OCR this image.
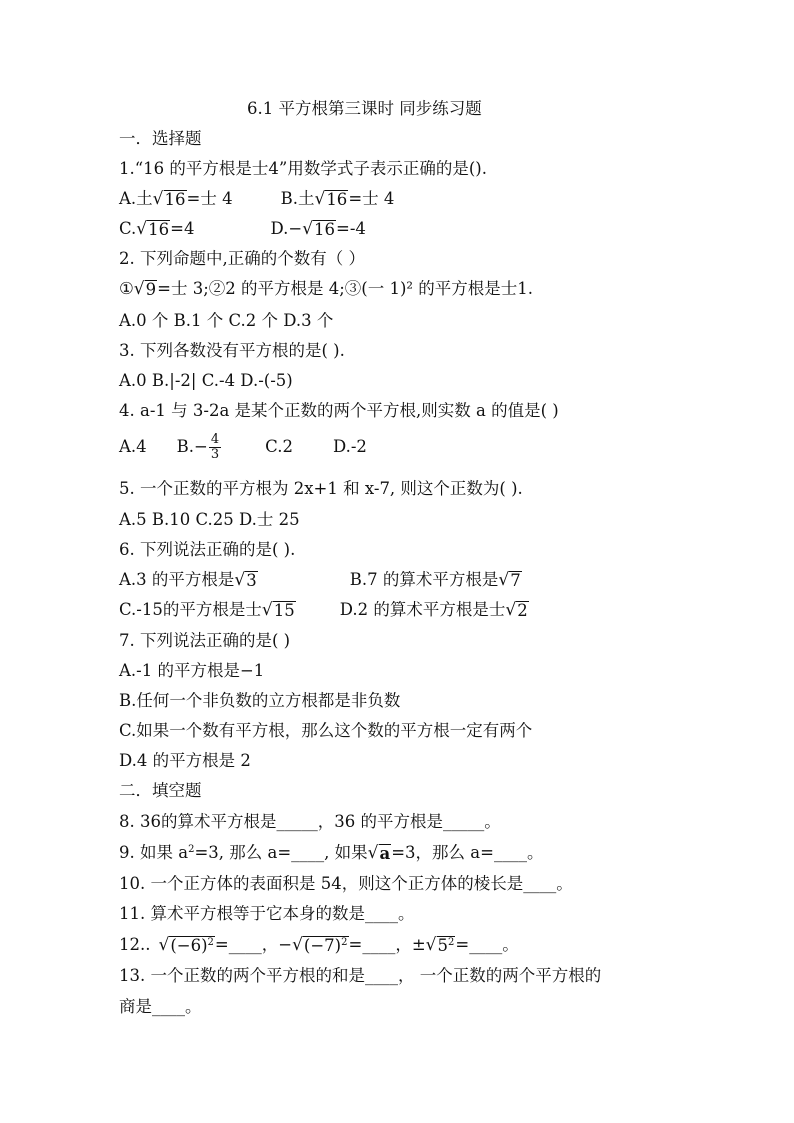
6.1 平方根第三课时 同步练习题
一．选择题
1.“16 的平方根是士4”用数学式子表示正确的是().
A.土 √ 16 =士 4	B.土 √ 16 =士 4
C. √ 16 =4	D.− √ 16 =-4
2. 下列命题中,正确的个数有（ ）
① √ 9 =士 3;②2 的平方根是 4;③(一 1)² 的平方根是士1.
A.0 个 B.1 个 C.2 个 D.3 个
3. 下列各数没有平方根的是( ).
A.0 B.|-2| C.-4 D.-(-5)
4. a-1 与 3-2a 是某个正数的两个平方根,则实数 a 的值是( )
A.4 $B.- \frac{4}{3}$	C.2 D.-2
5. 一个正数的平方根为 2x+1 和 x-7, 则这个正数为( ).
A.5 B.10 C.25 D.士 25
6. 下列说法正确的是( ).
A.3 的平方根是 √ 3	B.7 的算术平方根是 √ 7
C.-15的平方根是士 √ 15	D.2 的算术平方根是士 √ 2
7. 下列说法正确的是( )
A.-1 的平方根是−1
B.任何一个非负数的立方根都是非负数
C.如果一个数有平方根，那么这个数的平方根一定有两个
D.4 的平方根是 2
二．填空题
8. 36的算术平方根是_____，36 的平方根是_____。
9. 如果 $a^2=3$, 那么 a=____, 如果 √ a =3，那么 a=____。
10. 一个正方体的表面积是 54，则这个正方体的棱长是____。
11. 算术平方根等于它本身的数是____。
12.. √ $(-6)^2$ =____，− √ $(-7)^2$ =____，± √ $5^2$ =____。
13. 一个正数的两个平方根的和是____， 一个正数的两个平方根的
商是____。
